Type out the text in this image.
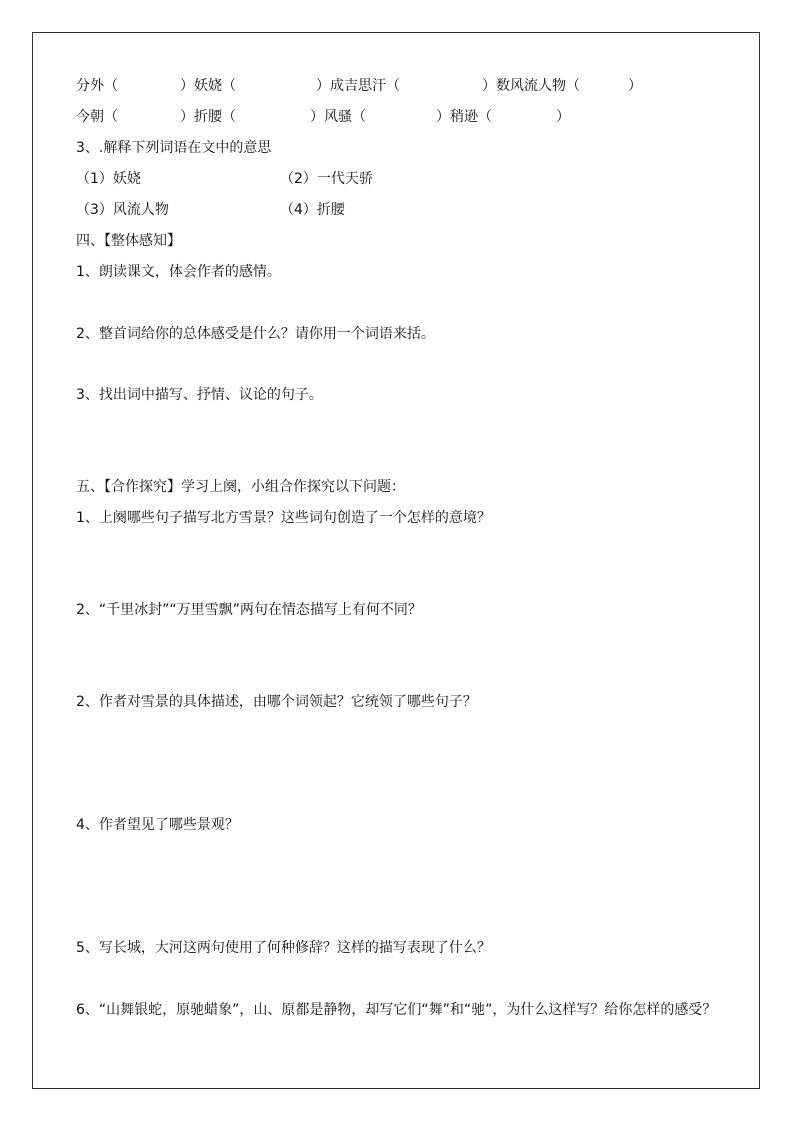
分外（	）妖娆（	）成吉思汗（	）数风流人物（	）
今朝（	）折腰（	）风骚（	）稍逊（	）
3、.解释下列词语在文中的意思
（1）妖娆	（2）一代天骄
（3）风流人物	（4）折腰
四、【整体感知】
1、朗读课文，体会作者的感情。
2、整首词给你的总体感受是什么？请你用一个词语来括。
3、找出词中描写、抒情、议论的句子。
五、【合作探究】学习上阕，小组合作探究以下问题：
1、上阕哪些句子描写北方雪景？这些词句创造了一个怎样的意境？
2、“千里冰封”“万里雪飘”两句在情态描写上有何不同？
2、作者对雪景的具体描述，由哪个词领起？它统领了哪些句子？
4、作者望见了哪些景观？
5、写长城，大河这两句使用了何种修辞？这样的描写表现了什么？
6、“山舞银蛇，原驰蜡象”，山、原都是静物，却写它们“舞”和“驰”，为什么这样写？给你怎样的感受？
